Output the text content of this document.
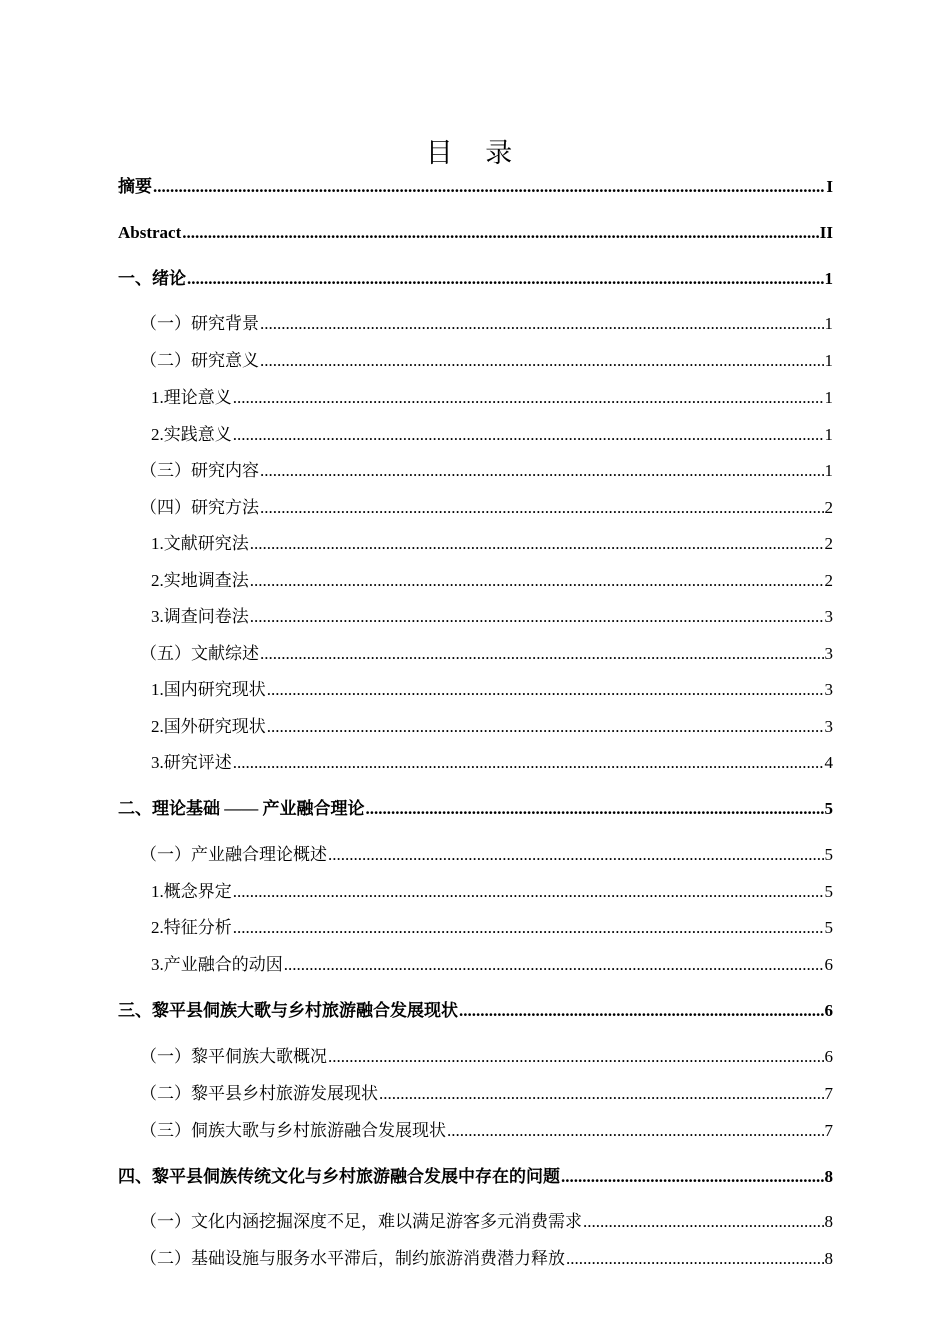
目 录
摘要 .....	I
Abstract .....	II
一、绪论 .....	1
（一）研究背景 .....	1
（二）研究意义 .....	1
1.理论意义 .....	1
2.实践意义 .....	1
（三）研究内容 .....	1
（四）研究方法 .....	2
1.文献研究法 .....	2
2.实地调查法 .....	2
3.调查问卷法 .....	3
（五）文献综述 .....	3
1.国内研究现状 .....	3
2.国外研究现状 .....	3
3.研究评述 .....	4
二、理论基础 —— 产业融合理论 .....	5
（一）产业融合理论概述 .....	5
1.概念界定 .....	5
2.特征分析 .....	5
3.产业融合的动因 .....	6
三、黎平县侗族大歌与乡村旅游融合发展现状 .....	6
（一）黎平侗族大歌概况 .....	6
（二）黎平县乡村旅游发展现状 .....	7
（三）侗族大歌与乡村旅游融合发展现状 .....	7
四、黎平县侗族传统文化与乡村旅游融合发展中存在的问题 .....	8
（一）文化内涵挖掘深度不足，难以满足游客多元消费需求 .....	8
（二）基础设施与服务水平滞后，制约旅游消费潜力释放 .....	8
